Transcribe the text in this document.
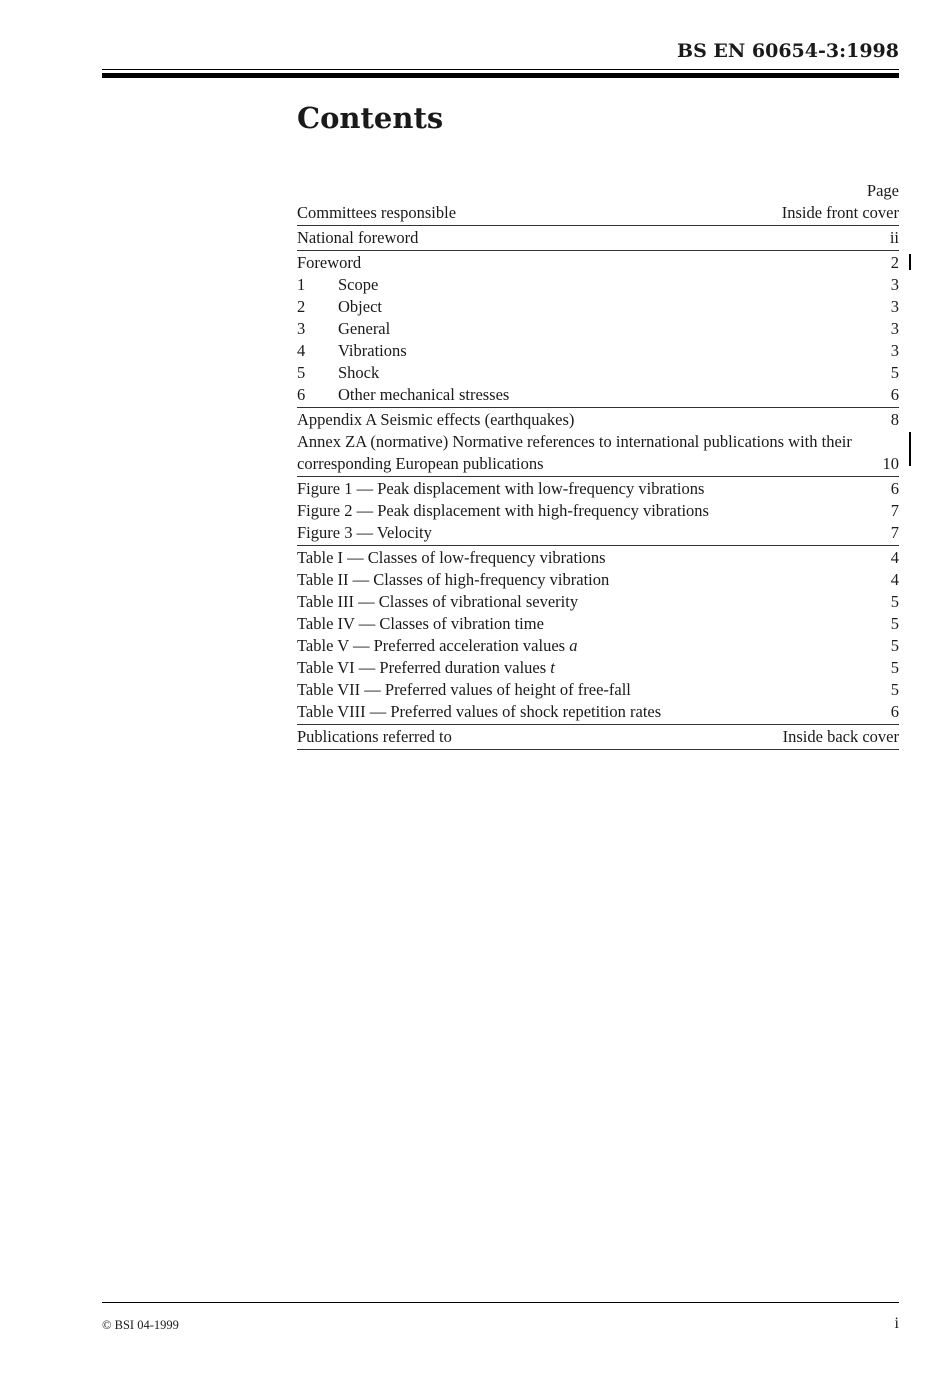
BS EN 60654-3:1998
Contents
Page
Committees responsible	Inside front cover
National foreword	ii
Foreword	2
1 Scope	3
2 Object	3
3 General	3
4 Vibrations	3
5 Shock	5
6 Other mechanical stresses	6
Appendix A Seismic effects (earthquakes)	8
Annex ZA (normative) Normative references to international publications with their corresponding European publications	10
Figure 1 — Peak displacement with low-frequency vibrations	6
Figure 2 — Peak displacement with high-frequency vibrations	7
Figure 3 — Velocity	7
Table I — Classes of low-frequency vibrations	4
Table II — Classes of high-frequency vibration	4
Table III — Classes of vibrational severity	5
Table IV — Classes of vibration time	5
Table V — Preferred acceleration values a	5
Table VI — Preferred duration values t	5
Table VII — Preferred values of height of free-fall	5
Table VIII — Preferred values of shock repetition rates	6
Publications referred to	Inside back cover
© BSI 04-1999	i
